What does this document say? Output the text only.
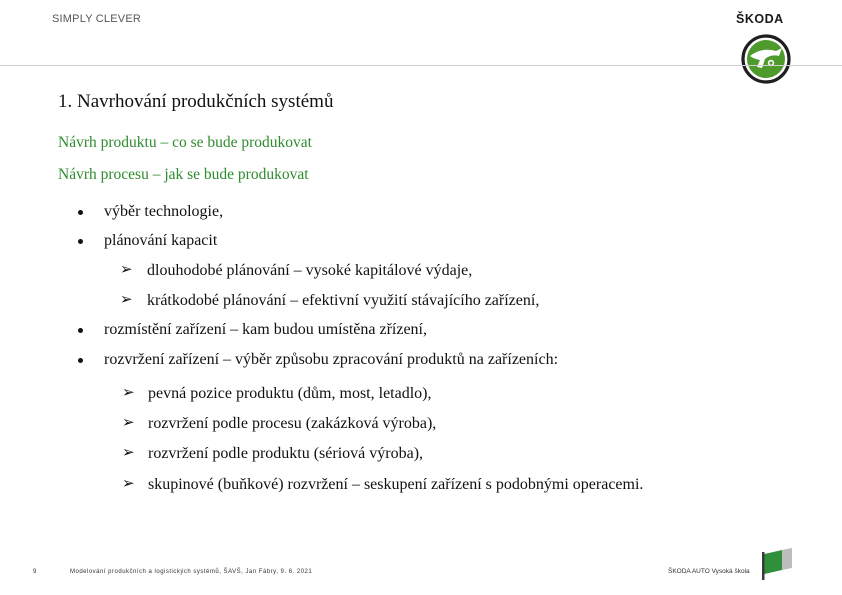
SIMPLY CLEVER	ŠKODA
1. Navrhování produkčních systémů

Návrh produktu – co se bude produkovat

Návrh procesu – jak se bude produkovat

výběr technologie,
plánování kapacit
➢ dlouhodobé plánování – vysoké kapitálové výdaje,
➢ krátkodobé plánování – efektivní využití stávajícího zařízení,
rozmístění zařízení – kam budou umístěna zřízení,
rozvržení zařízení – výběr způsobu zpracování produktů na zařízeních:
➢ pevná pozice produktu (dům, most, letadlo),
➢ rozvržení podle procesu (zakázková výroba),
➢ rozvržení podle produktu (sériová výroba),
➢ skupinové (buňkové) rozvržení – seskupení zařízení s podobnými operacemi.
9	Modelování produkčních a logistických systémů, ŠAVŠ, Jan Fábry, 9. 6. 2021	ŠKODA AUTO Vysoká škola
